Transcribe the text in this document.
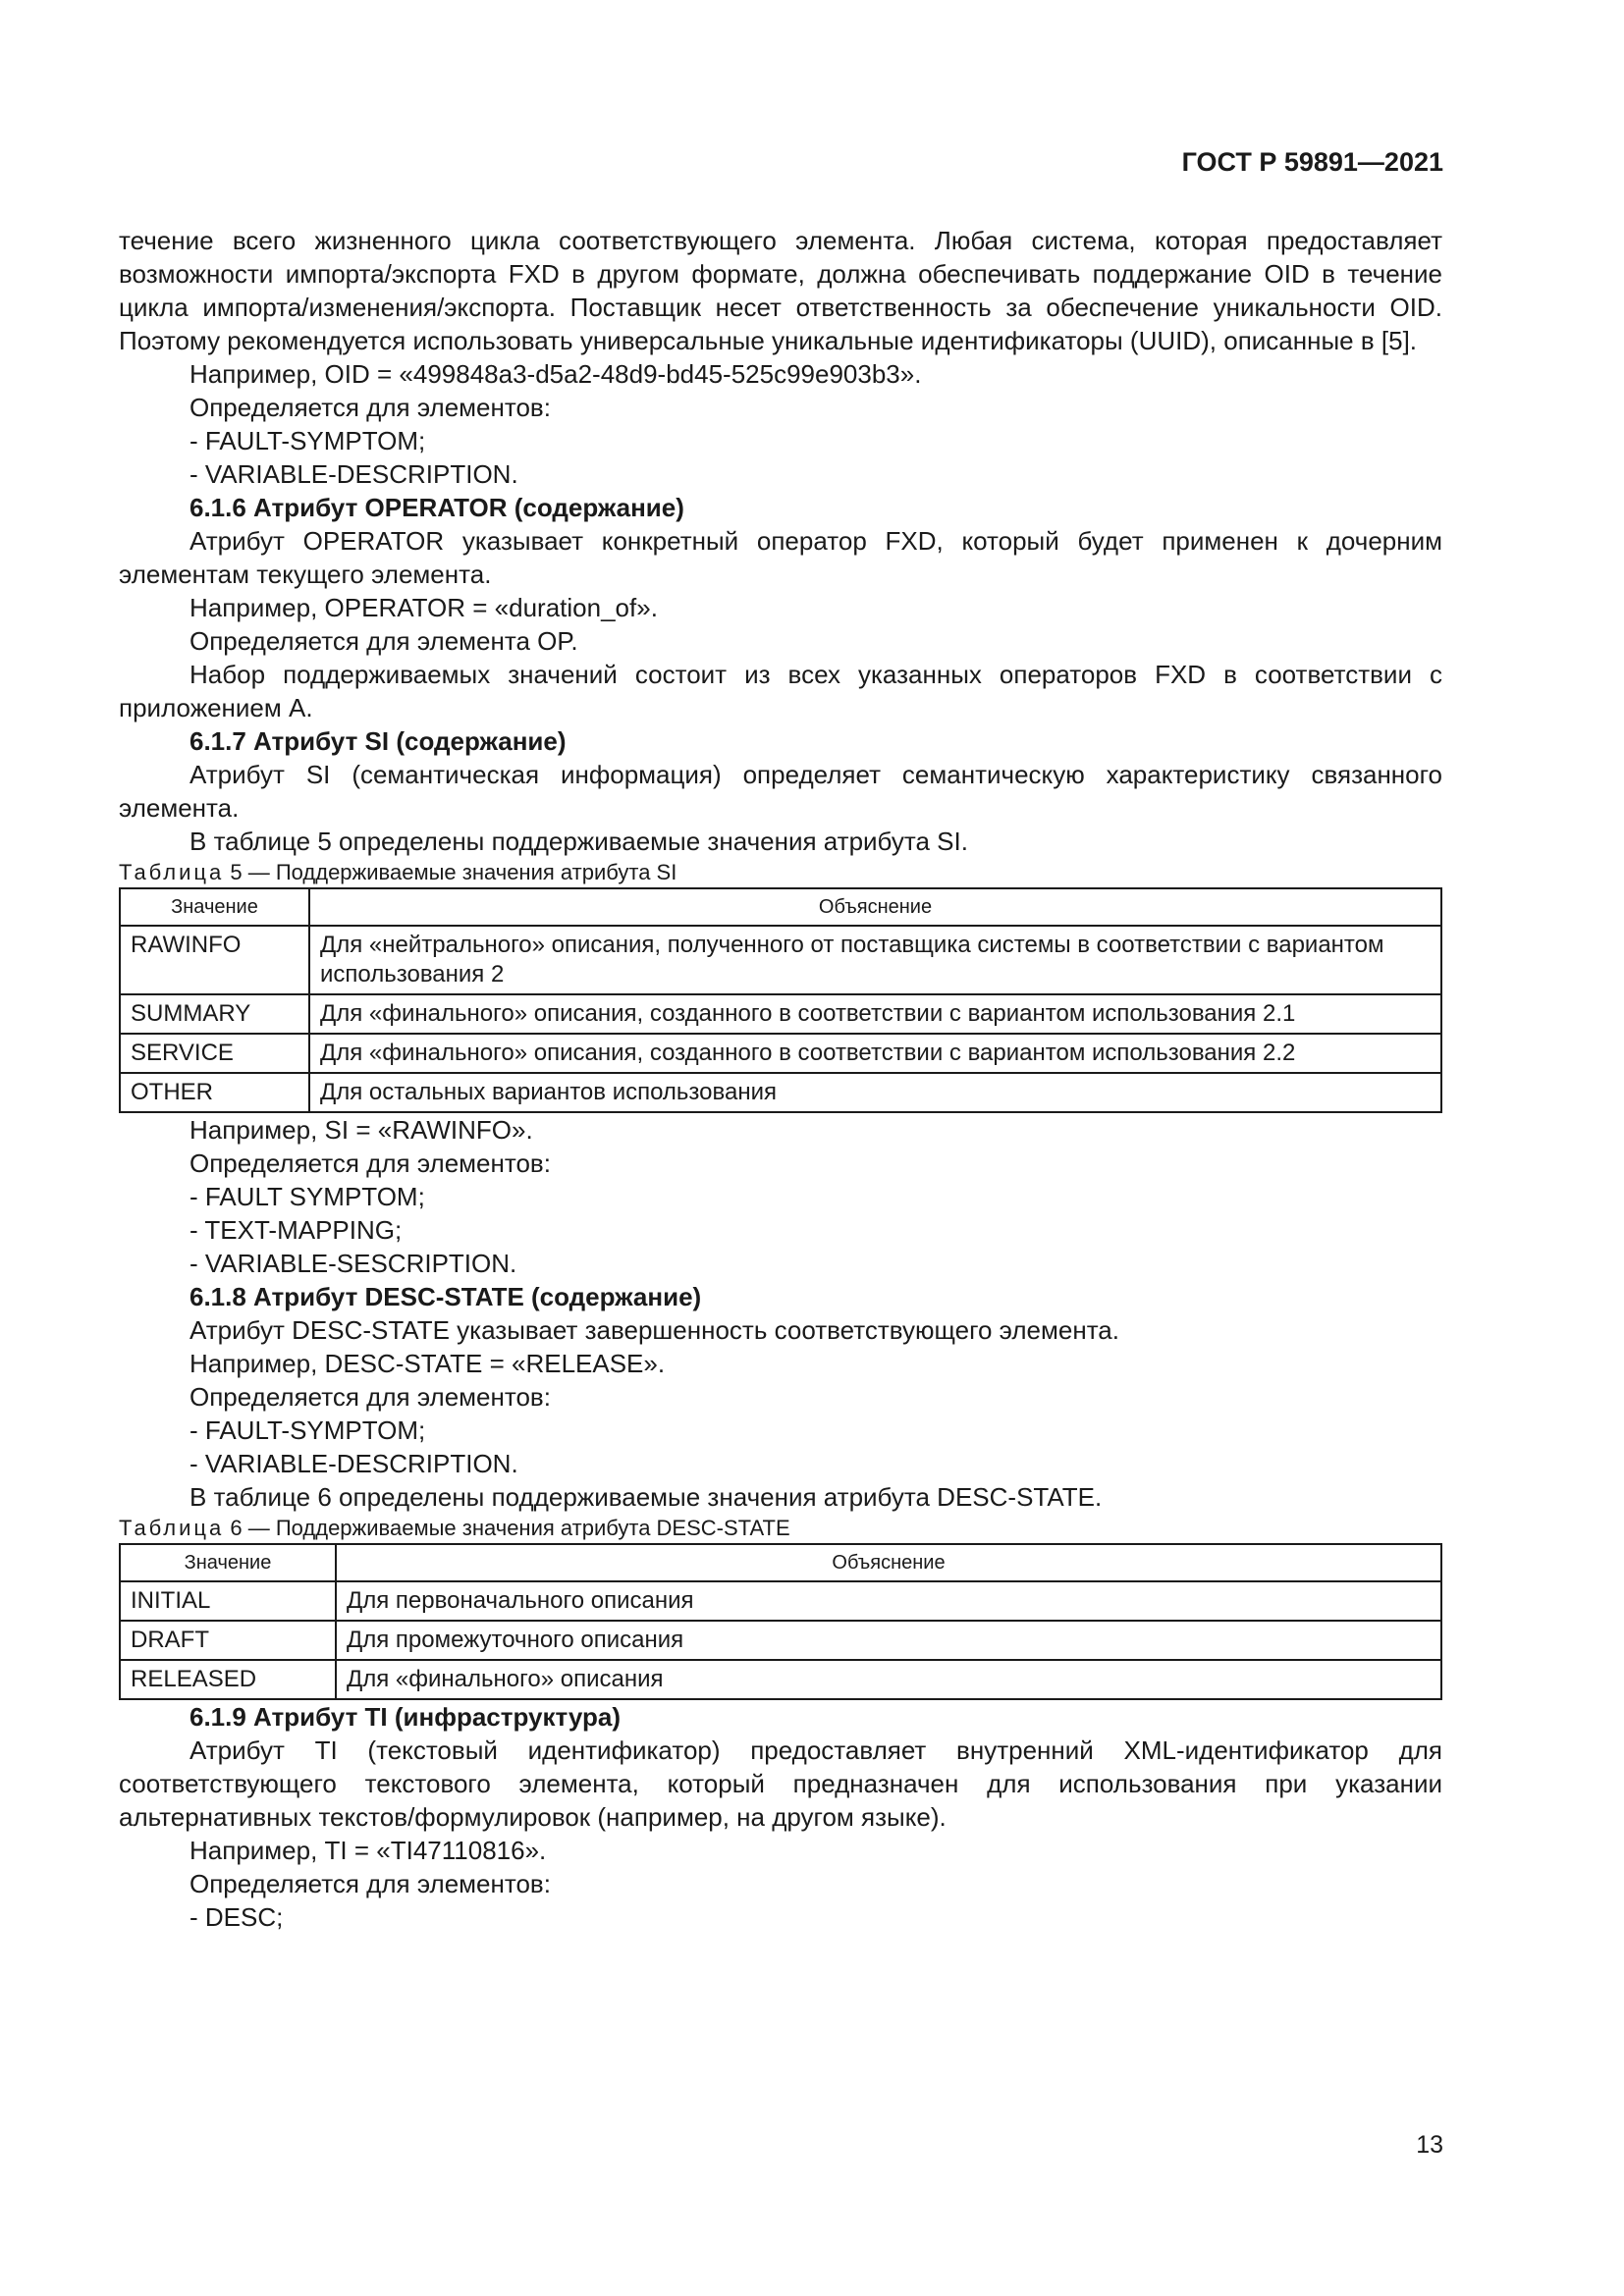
ГОСТ Р 59891—2021

течение всего жизненного цикла соответствующего элемента. Любая система, которая предоставляет возможности импорта/экспорта FXD в другом формате, должна обеспечивать поддержание OID в течение цикла импорта/изменения/экспорта. Поставщик несет ответственность за обеспечение уникальности OID. Поэтому рекомендуется использовать универсальные уникальные идентификаторы (UUID), описанные в [5].

Например, OID = «499848a3-d5a2-48d9-bd45-525c99e903b3».

Определяется для элементов:

- FAULT-SYMPTOM;

- VARIABLE-DESCRIPTION.

6.1.6 Атрибут OPERATOR (содержание)

Атрибут OPERATOR указывает конкретный оператор FXD, который будет применен к дочерним элементам текущего элемента.

Например, OPERATOR = «duration_of».

Определяется для элемента OP.

Набор поддерживаемых значений состоит из всех указанных операторов FXD в соответствии с приложением А.

6.1.7 Атрибут SI (содержание)

Атрибут SI (семантическая информация) определяет семантическую характеристику связанного элемента.

В таблице 5 определены поддерживаемые значения атрибута SI.

Таблица 5 — Поддерживаемые значения атрибута SI

Значение	Объяснение
RAWINFO	Для «нейтрального» описания, полученного от поставщика системы в соответствии с вариантом использования 2
SUMMARY	Для «финального» описания, созданного в соответствии с вариантом использования 2.1
SERVICE	Для «финального» описания, созданного в соответствии с вариантом использования 2.2
OTHER	Для остальных вариантов использования

Например, SI = «RAWINFO».

Определяется для элементов:

- FAULT SYMPTOM;

- TEXT-MAPPING;

- VARIABLE-SESCRIPTION.

6.1.8 Атрибут DESC-STATE (содержание)

Атрибут DESC-STATE указывает завершенность соответствующего элемента.

Например, DESC-STATE = «RELEASE».

Определяется для элементов:

- FAULT-SYMPTOM;

- VARIABLE-DESCRIPTION.

В таблице 6 определены поддерживаемые значения атрибута DESC-STATE.

Таблица 6 — Поддерживаемые значения атрибута DESC-STATE

Значение	Объяснение
INITIAL	Для первоначального описания
DRAFT	Для промежуточного описания
RELEASED	Для «финального» описания

6.1.9 Атрибут TI (инфраструктура)

Атрибут TI (текстовый идентификатор) предоставляет внутренний XML-идентификатор для соответствующего текстового элемента, который предназначен для использования при указании альтернативных текстов/формулировок (например, на другом языке).

Например, TI = «TI47110816».

Определяется для элементов:

- DESC;

13
